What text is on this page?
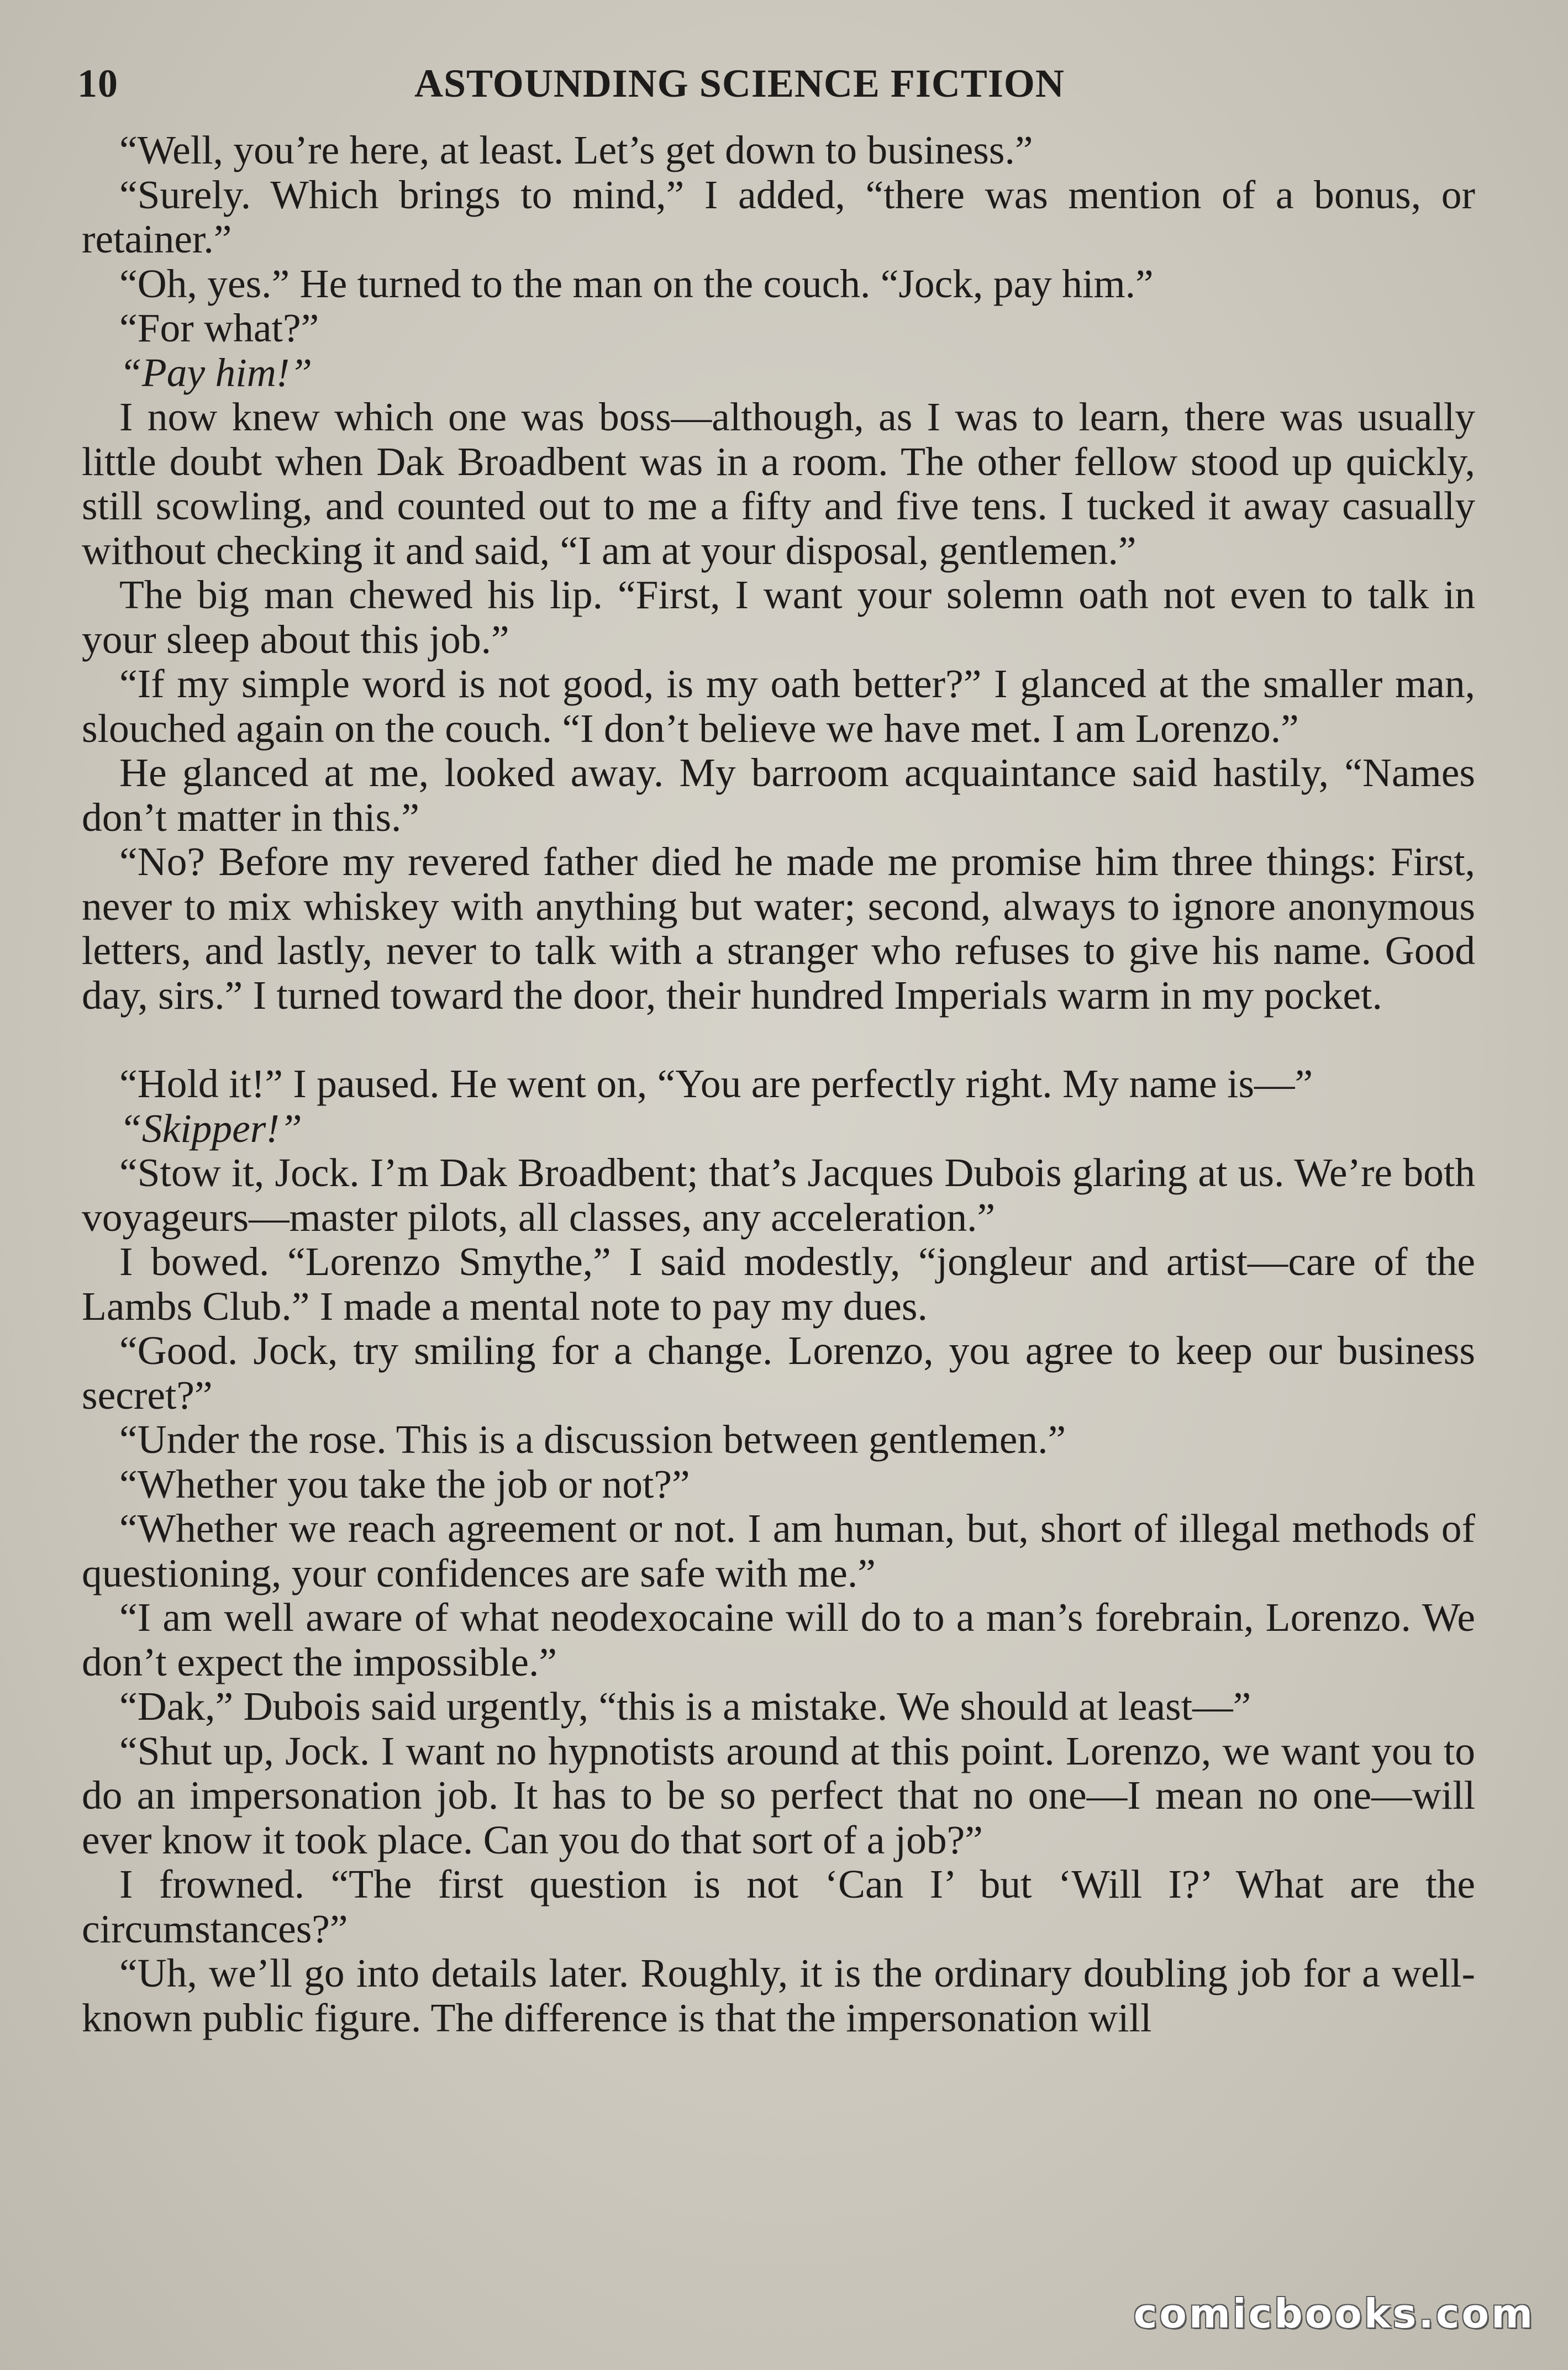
10	ASTOUNDING SCIENCE FICTION

“Well, you’re here, at least. Let’s get down to business.”

“Surely. Which brings to mind,” I added, “there was mention of a bonus, or retainer.”

“Oh, yes.” He turned to the man on the couch. “Jock, pay him.”

“For what?”

“Pay him!”

I now knew which one was boss—although, as I was to learn, there was usually little doubt when Dak Broadbent was in a room. The other fellow stood up quickly, still scowling, and counted out to me a fifty and five tens. I tucked it away casually without checking it and said, “I am at your disposal, gentlemen.”

The big man chewed his lip. “First, I want your solemn oath not even to talk in your sleep about this job.”

“If my simple word is not good, is my oath better?” I glanced at the smaller man, slouched again on the couch. “I don’t believe we have met. I am Lorenzo.”

He glanced at me, looked away. My barroom acquaintance said hastily, “Names don’t matter in this.”

“No? Before my revered father died he made me promise him three things: First, never to mix whiskey with anything but water; second, always to ignore anonymous letters, and lastly, never to talk with a stranger who refuses to give his name. Good day, sirs.” I turned toward the door, their hundred Imperials warm in my pocket.

“Hold it!” I paused. He went on, “You are perfectly right. My name is—”

“Skipper!”

“Stow it, Jock. I’m Dak Broadbent; that’s Jacques Dubois glaring at us. We’re both voyageurs—master pilots, all classes, any acceleration.”

I bowed. “Lorenzo Smythe,” I said modestly, “jongleur and artist—care of the Lambs Club.” I made a mental note to pay my dues.

“Good. Jock, try smiling for a change. Lorenzo, you agree to keep our business secret?”

“Under the rose. This is a discussion between gentlemen.”

“Whether you take the job or not?”

“Whether we reach agreement or not. I am human, but, short of illegal methods of questioning, your confidences are safe with me.”

“I am well aware of what neodexocaine will do to a man’s forebrain, Lorenzo. We don’t expect the impossible.”

“Dak,” Dubois said urgently, “this is a mistake. We should at least—”

“Shut up, Jock. I want no hypnotists around at this point. Lorenzo, we want you to do an impersonation job. It has to be so perfect that no one—I mean no one—will ever know it took place. Can you do that sort of a job?”

I frowned. “The first question is not ‘Can I’ but ‘Will I?’ What are the circumstances?”

“Uh, we’ll go into details later. Roughly, it is the ordinary doubling job for a well-known public figure. The difference is that the impersonation will

comicbooks.com
